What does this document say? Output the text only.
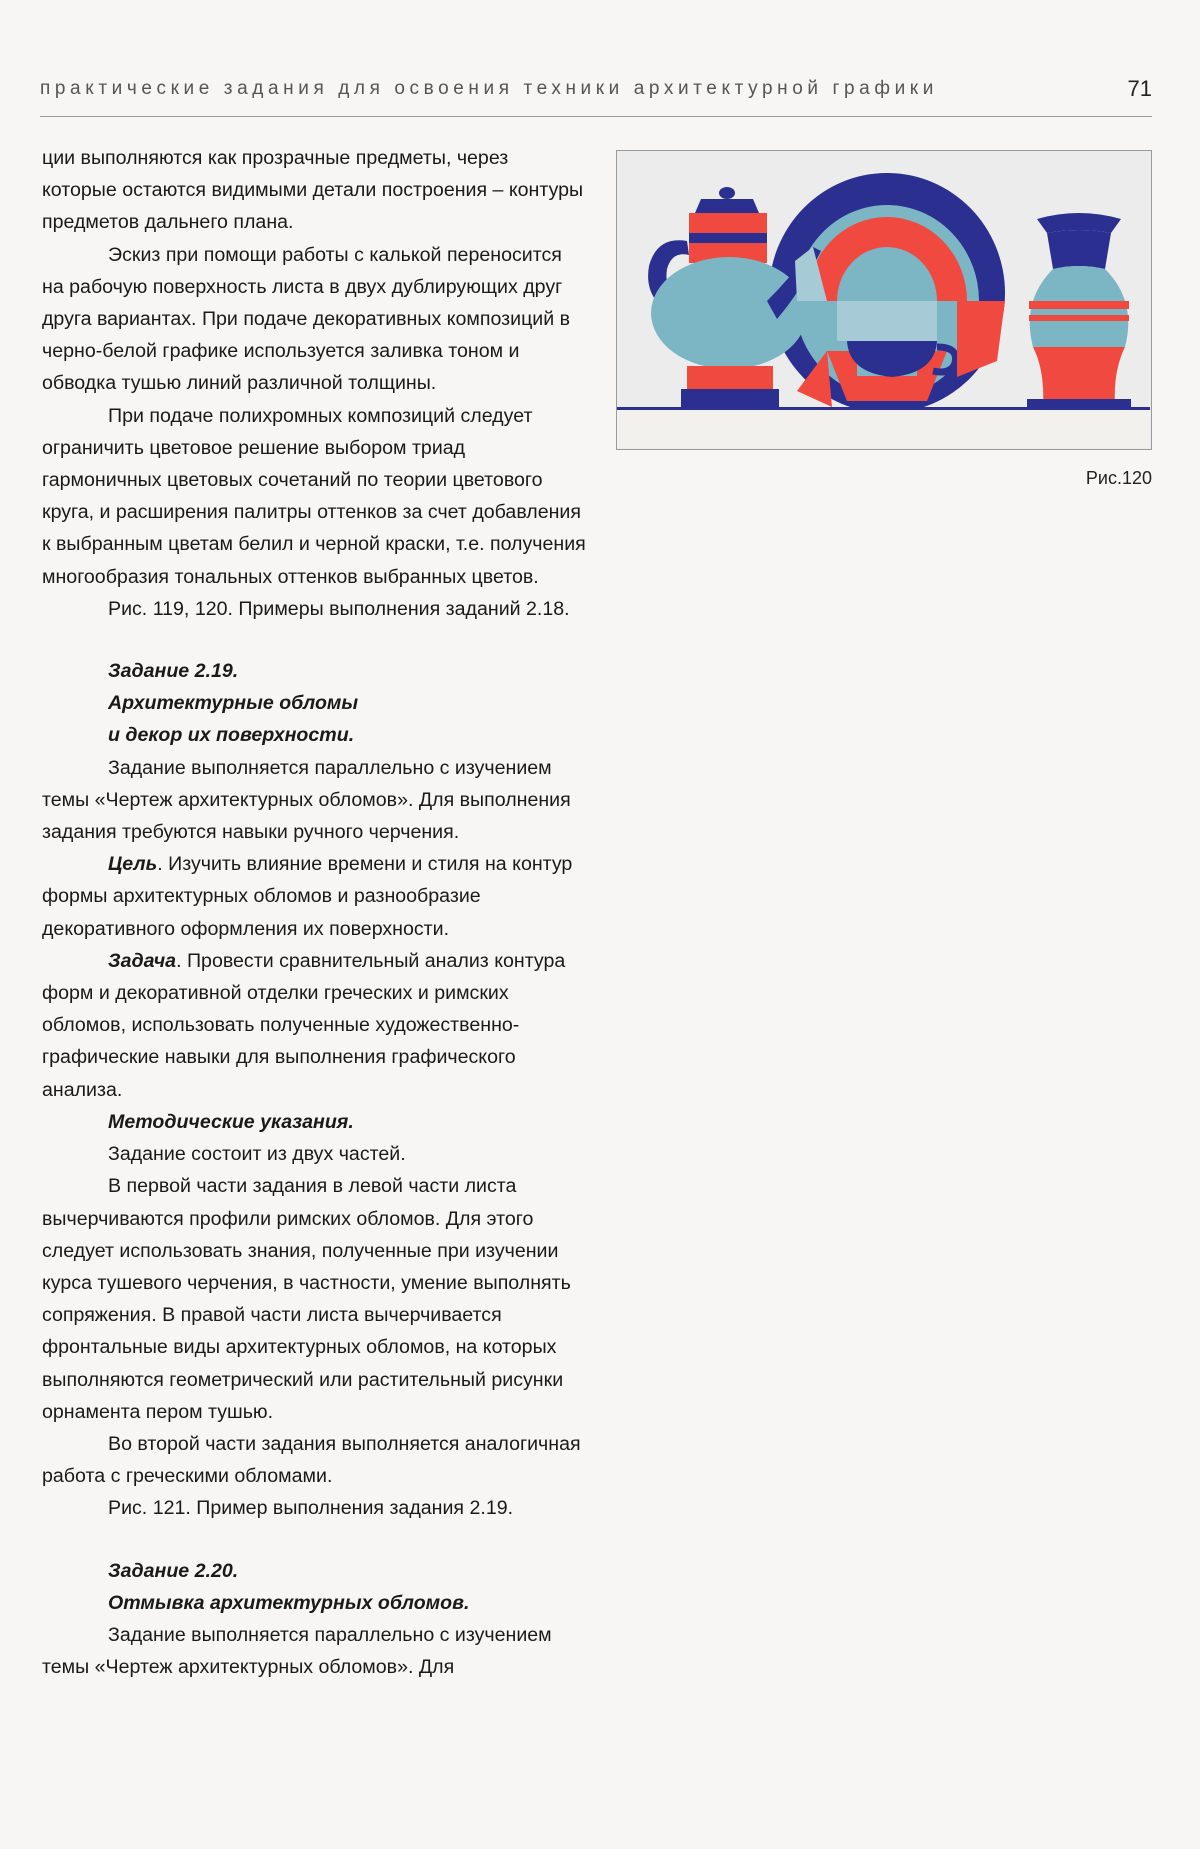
практические задания для освоения техники архитектурной графики	71

ции выполняются как прозрачные предметы, через которые остаются видимыми детали построения – контуры предметов дальнего плана.

Эскиз при помощи работы с калькой переносится на рабочую поверхность листа в двух дублирующих друг друга вариантах. При подаче декоративных композиций в черно-белой графике используется заливка тоном и обводка тушью линий различной толщины.

При подаче полихромных композиций следует ограничить цветовое решение выбором триад гармоничных цветовых сочетаний по теории цветового круга, и расширения палитры оттенков за счет добавления к выбранным цветам белил и черной краски, т.е. получения многообразия тональных оттенков выбранных цветов.

Рис. 119, 120. Примеры выполнения заданий 2.18.

Задание 2.19.

Архитектурные обломы

и декор их поверхности.

Задание выполняется параллельно с изучением темы «Чертеж архитектурных обломов». Для выполнения задания требуются навыки ручного черчения.

Цель. Изучить влияние времени и стиля на контур формы архитектурных обломов и разнообразие декоративного оформления их поверхности.

Задача. Провести сравнительный анализ контура форм и декоративной отделки греческих и римских обломов, использовать полученные художественно-графические навыки для выполнения графического анализа.

Методические указания.

Задание состоит из двух частей.

В первой части задания в левой части листа вычерчиваются профили римских обломов. Для этого следует использовать знания, полученные при изучении курса тушевого черчения, в частности, умение выполнять сопряжения. В правой части листа вычерчивается фронтальные виды архитектурных обломов, на которых выполняются геометрический или растительный рисунки орнамента пером тушью.

Во второй части задания выполняется аналогичная работа с греческими обломами.

Рис. 121. Пример выполнения задания 2.19.

Задание 2.20.

Отмывка архитектурных обломов.

Задание выполняется параллельно с изучением темы «Чертеж архитектурных обломов». Для

Рис.120
